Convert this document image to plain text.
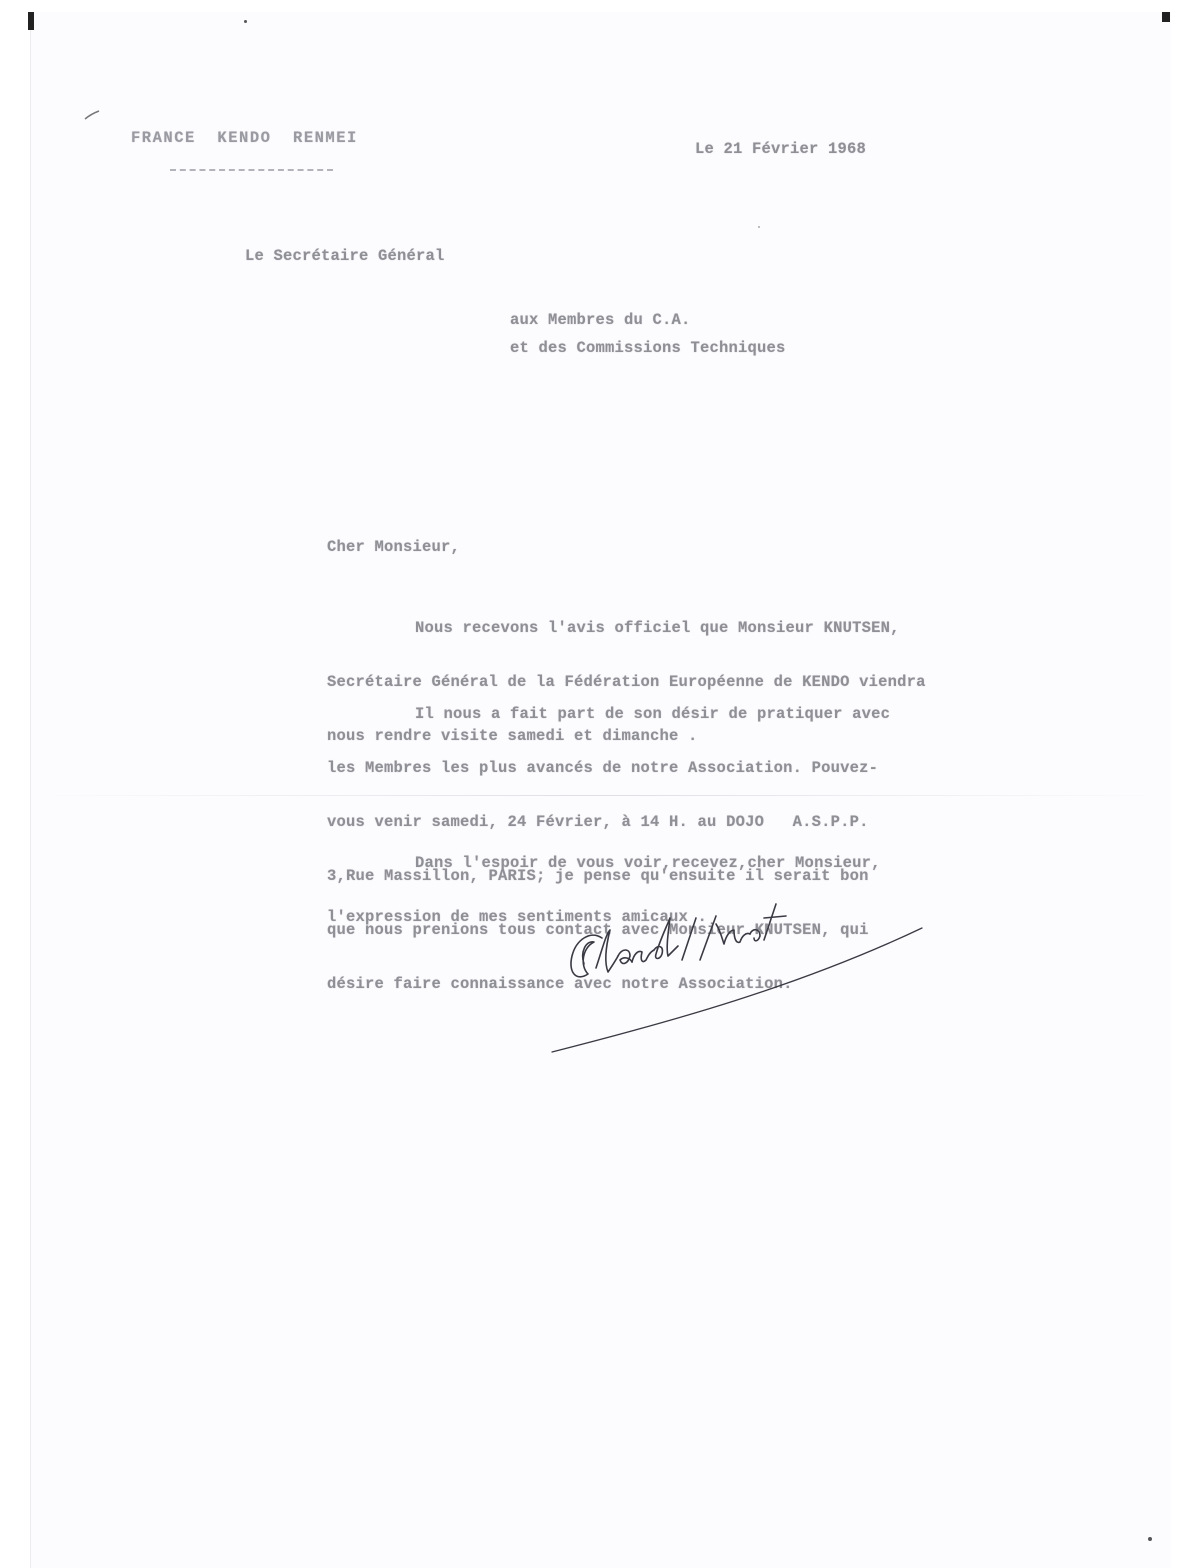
FRANCE  KENDO  RENMEI

Le 21 Février 1968

Le Secrétaire Général

aux Membres du C.A.

et des Commissions Techniques

Cher Monsieur,

Nous recevons l'avis officiel que Monsieur KNUTSEN,

Secrétaire Général de la Fédération Européenne de KENDO viendra

nous rendre visite samedi et dimanche .

Il nous a fait part de son désir de pratiquer avec

les Membres les plus avancés de notre Association. Pouvez-

vous venir samedi, 24 Février, à 14 H. au DOJO   A.S.P.P.

3,Rue Massillon, PARIS; je pense qu'ensuite il serait bon

que nous prenions tous contact avec Monsieur KNUTSEN, qui

désire faire connaissance avec notre Association.

Dans l'espoir de vous voir,recevez,cher Monsieur,

l'expression de mes sentiments amicaux .
